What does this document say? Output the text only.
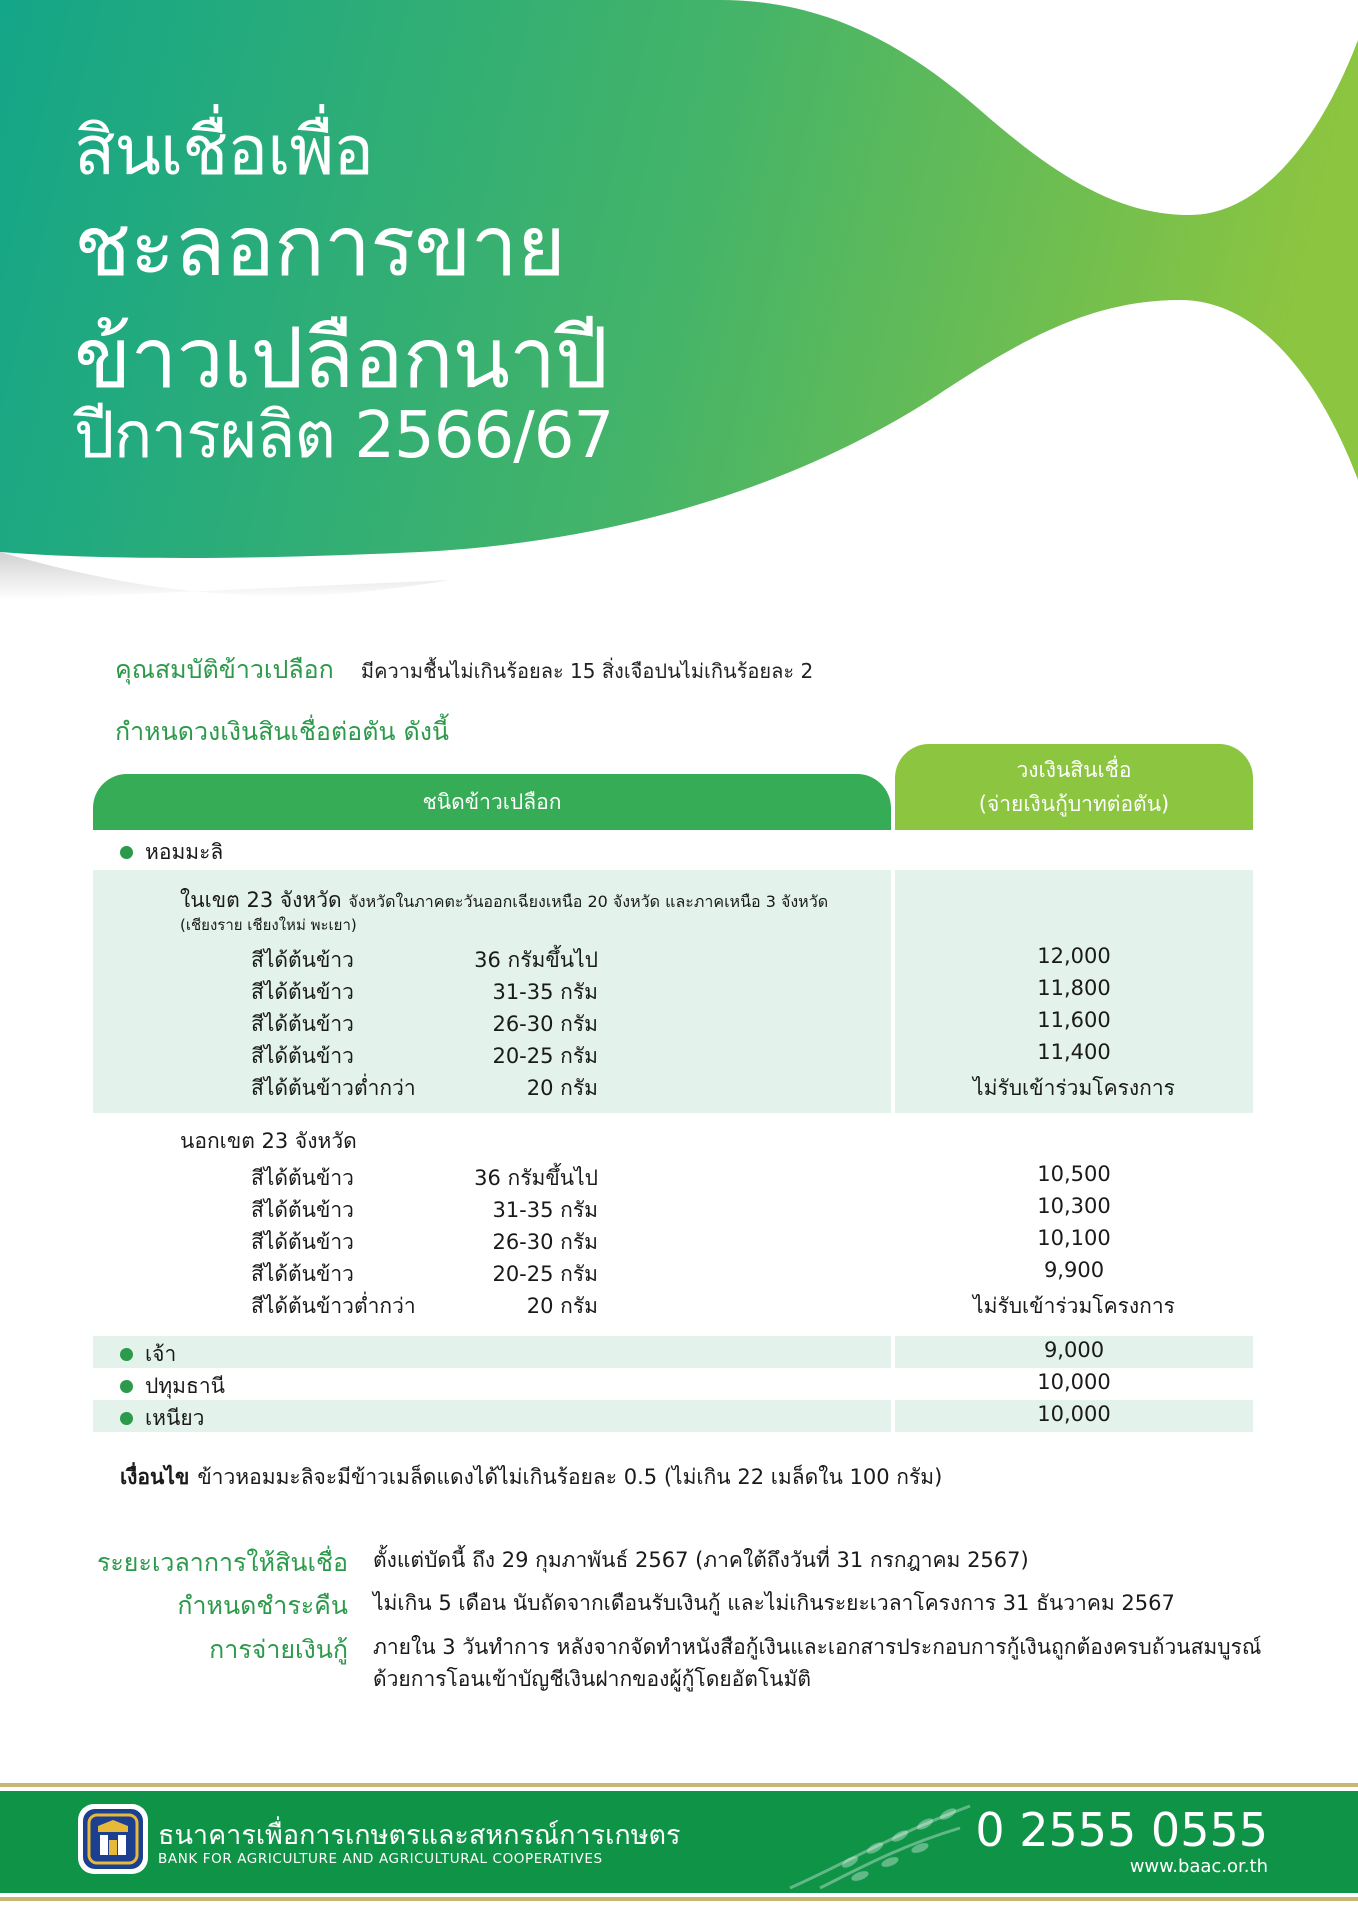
สินเชื่อเพื่อ
ชะลอการขาย
ข้าวเปลือกนาปี
ปีการผลิต 2566/67
คุณสมบัติข้าวเปลือก มีความชื้นไม่เกินร้อยละ 15 สิ่งเจือปนไม่เกินร้อยละ 2
กำหนดวงเงินสินเชื่อต่อตัน ดังนี้
ชนิดข้าวเปลือก
วงเงินสินเชื่อ
(จ่ายเงินกู้บาทต่อตัน)
หอมมะลิ
ในเขต 23 จังหวัด จังหวัดในภาคตะวันออกเฉียงเหนือ 20 จังหวัด และภาคเหนือ 3 จังหวัด
(เชียงราย เชียงใหม่ พะเยา)
สีได้ต้นข้าว	36 กรัมขึ้นไป	12,000
สีได้ต้นข้าว	31-35 กรัม	11,800
สีได้ต้นข้าว	26-30 กรัม	11,600
สีได้ต้นข้าว	20-25 กรัม	11,400
สีได้ต้นข้าวต่ำกว่า	20 กรัม	ไม่รับเข้าร่วมโครงการ
นอกเขต 23 จังหวัด
สีได้ต้นข้าว	36 กรัมขึ้นไป	10,500
สีได้ต้นข้าว	31-35 กรัม	10,300
สีได้ต้นข้าว	26-30 กรัม	10,100
สีได้ต้นข้าว	20-25 กรัม	9,900
สีได้ต้นข้าวต่ำกว่า	20 กรัม	ไม่รับเข้าร่วมโครงการ
เจ้า	9,000
ปทุมธานี	10,000
เหนียว	10,000
เงื่อนไข ข้าวหอมมะลิจะมีข้าวเมล็ดแดงได้ไม่เกินร้อยละ 0.5 (ไม่เกิน 22 เมล็ดใน 100 กรัม)
ระยะเวลาการให้สินเชื่อ ตั้งแต่บัดนี้ ถึง 29 กุมภาพันธ์ 2567 (ภาคใต้ถึงวันที่ 31 กรกฎาคม 2567)
กำหนดชำระคืน ไม่เกิน 5 เดือน นับถัดจากเดือนรับเงินกู้ และไม่เกินระยะเวลาโครงการ 31 ธันวาคม 2567
การจ่ายเงินกู้ ภายใน 3 วันทำการ หลังจากจัดทำหนังสือกู้เงินและเอกสารประกอบการกู้เงินถูกต้องครบถ้วนสมบูรณ์
ด้วยการโอนเข้าบัญชีเงินฝากของผู้กู้โดยอัตโนมัติ
ธนาคารเพื่อการเกษตรและสหกรณ์การเกษตร
BANK FOR AGRICULTURE AND AGRICULTURAL COOPERATIVES
0 2555 0555
www.baac.or.th
